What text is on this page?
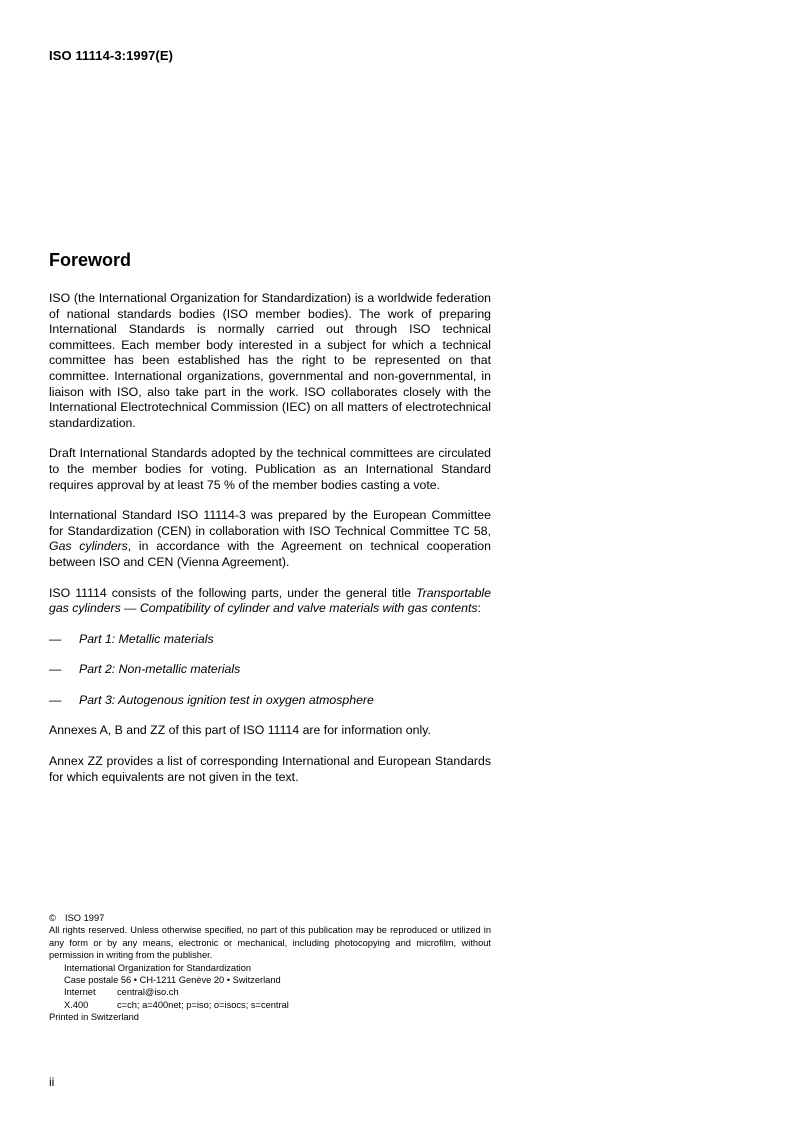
ISO 11114-3:1997(E)
Foreword

ISO (the International Organization for Standardization) is a worldwide federation of national standards bodies (ISO member bodies). The work of preparing International Standards is normally carried out through ISO technical committees. Each member body interested in a subject for which a technical committee has been established has the right to be represented on that committee. International organizations, governmental and non-governmental, in liaison with ISO, also take part in the work. ISO collaborates closely with the International Electrotechnical Commission (IEC) on all matters of electrotechnical standardization.

Draft International Standards adopted by the technical committees are circulated to the member bodies for voting. Publication as an International Standard requires approval by at least 75 % of the member bodies casting a vote.

International Standard ISO 11114-3 was prepared by the European Committee for Standardization (CEN) in collaboration with ISO Technical Committee TC 58, Gas cylinders, in accordance with the Agreement on technical cooperation between ISO and CEN (Vienna Agreement).

ISO 11114 consists of the following parts, under the general title Transportable gas cylinders — Compatibility of cylinder and valve materials with gas contents:

—	Part 1: Metallic materials
—	Part 2: Non-metallic materials
—	Part 3: Autogenous ignition test in oxygen atmosphere

Annexes A, B and ZZ of this part of ISO 11114 are for information only.

Annex ZZ provides a list of corresponding International and European Standards for which equivalents are not given in the text.

© ISO 1997
All rights reserved. Unless otherwise specified, no part of this publication may be reproduced or utilized in any form or by any means, electronic or mechanical, including photocopying and microfilm, without permission in writing from the publisher.
International Organization for Standardization
Case postale 56 • CH-1211 Genève 20 • Switzerland
Internet	central@iso.ch
X.400	c=ch; a=400net; p=iso; o=isocs; s=central
Printed in Switzerland
ii
